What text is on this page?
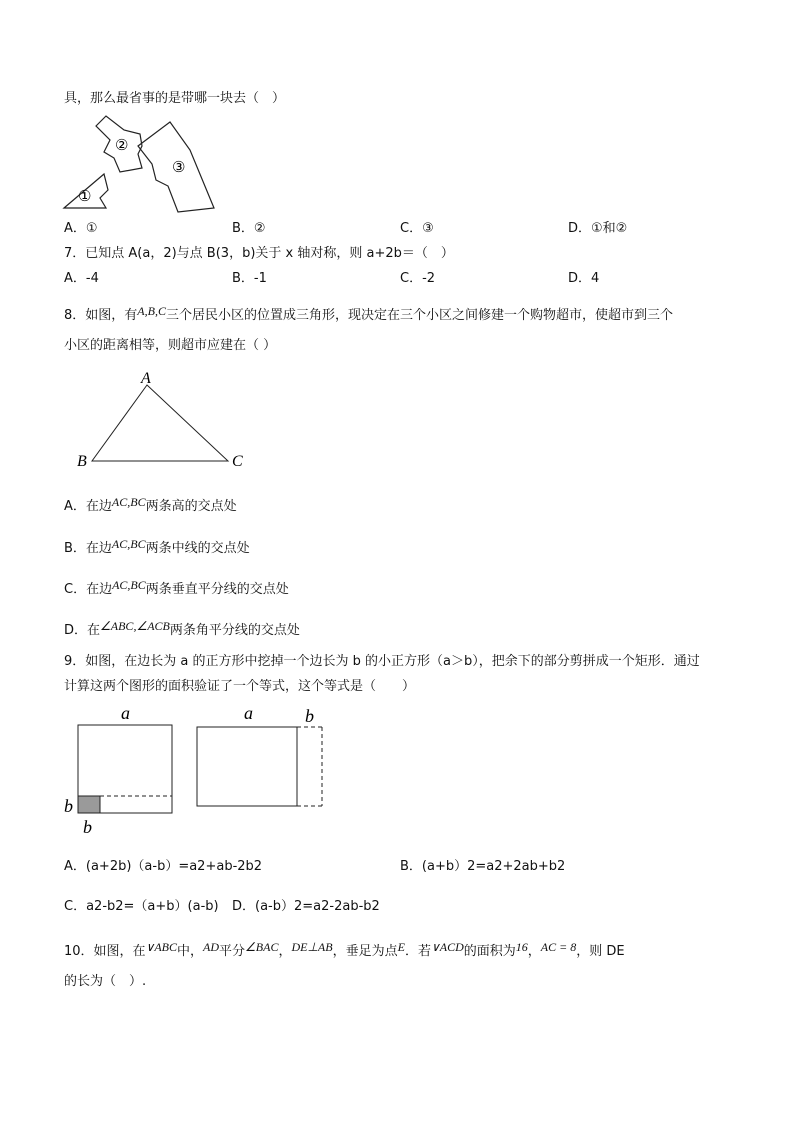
具，那么最省事的是带哪一块去（　）
①
②
③
A．①	B．②	C．③	D．①和②
7．已知点 A(a，2)与点 B(3，b)关于 x 轴对称，则 a+2b＝（　）
A．-4	B．-1	C．-2	D．4
8．如图，有A,B,C三个居民小区的位置成三角形，现决定在三个小区之间修建一个购物超市，使超市到三个
小区的距离相等，则超市应建在（ ）
A
B	C
A．在边AC,BC两条高的交点处
B．在边AC,BC两条中线的交点处
C．在边AC,BC两条垂直平分线的交点处
D．在∠ABC,∠ACB两条角平分线的交点处
9．如图，在边长为 a 的正方形中挖掉一个边长为 b 的小正方形（a＞b），把余下的部分剪拼成一个矩形．通过
计算这两个图形的面积验证了一个等式，这个等式是（　　）
a
b
b
a	b
A．(a+2b)（a-b）=a2+ab-2b2	B．(a+b）2=a2+2ab+b2
C．a2-b2=（a+b）(a-b) D．(a-b）2=a2-2ab-b2
10．如图，在∨ABC中，AD平分∠BAC，DE⊥AB，垂足为点E．若∨ACD的面积为16，AC = 8，则 DE
的长为（　）.
